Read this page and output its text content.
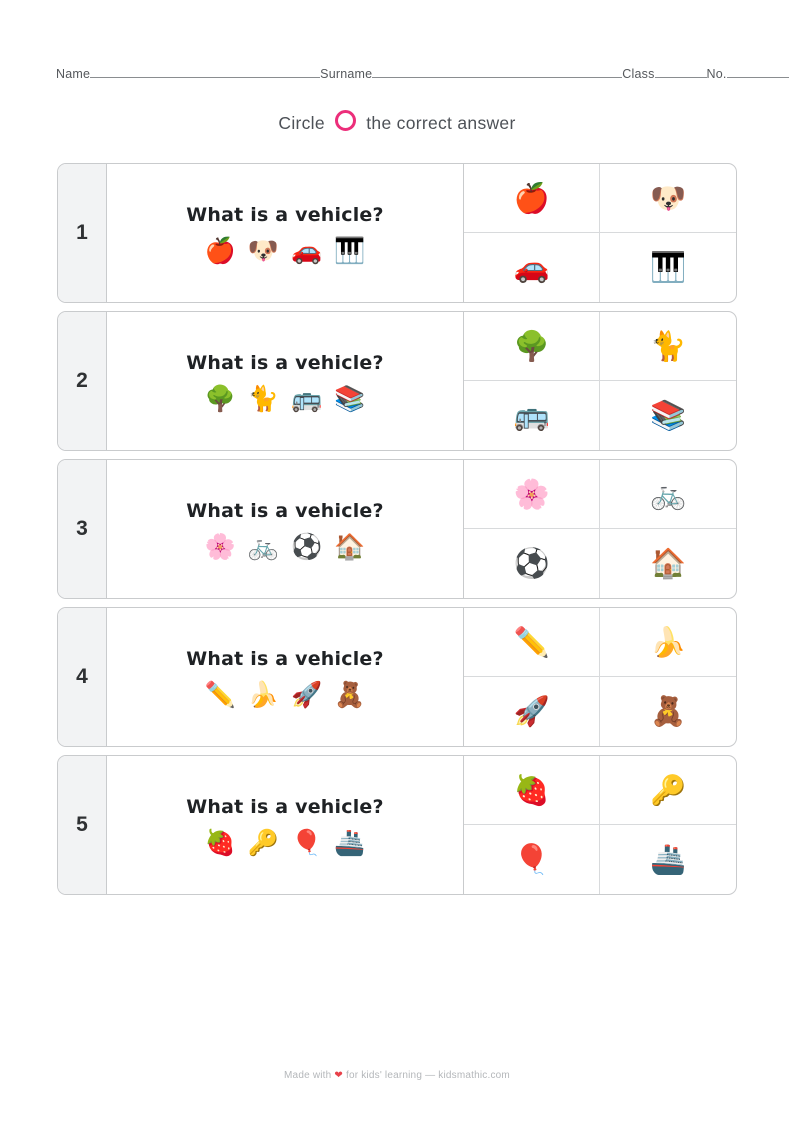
Name	Surname	Class	No.
Circle the correct answer
1
What is a vehicle?
🍎 🐶 🚗 🎹
🍎	🐶
🚗	🎹
2
What is a vehicle?
🌳 🐈 🚌 📚
🌳	🐈
🚌	📚
3
What is a vehicle?
🌸 🚲 ⚽ 🏠
🌸	🚲
⚽	🏠
4
What is a vehicle?
✏️ 🍌 🚀 🧸
✏️	🍌
🚀	🧸
5
What is a vehicle?
🍓 🔑 🎈 🚢
🍓	🔑
🎈	🚢
Made with ❤ for kids' learning — kidsmathic.com
